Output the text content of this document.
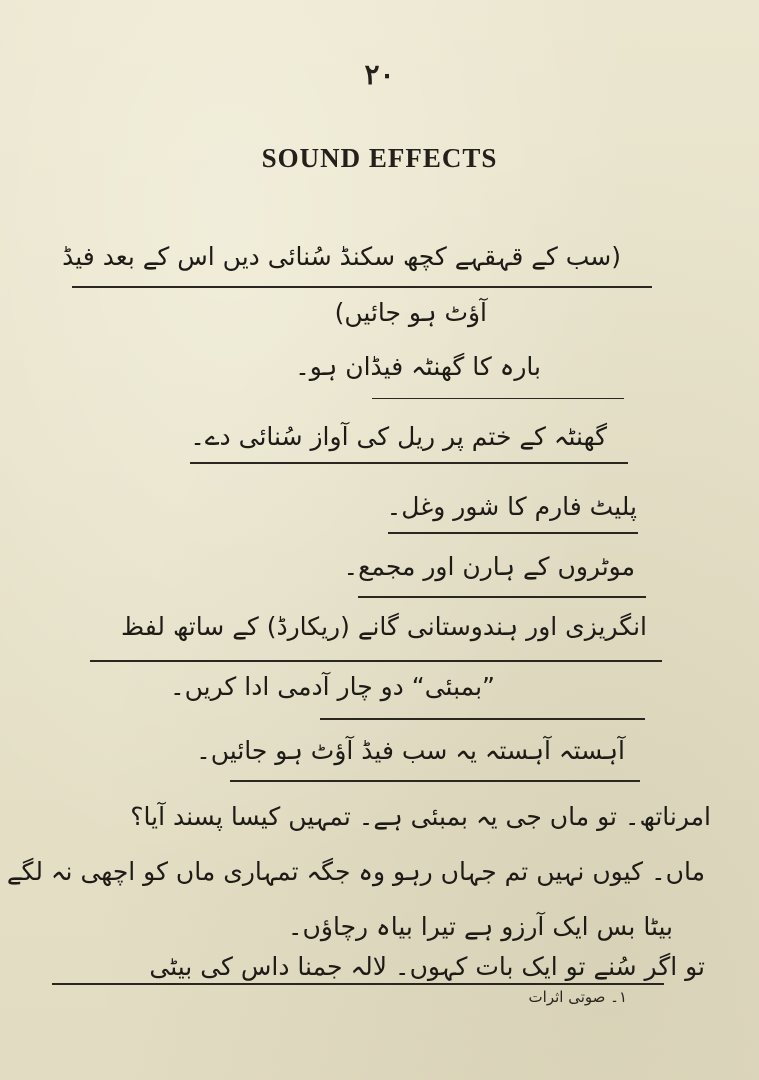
۲۰
SOUND EFFECTS
(سب کے قہقہے کچھ سکنڈ سُنائی دیں اس کے بعد فیڈ
آؤٹ ہو جائیں)
بارہ کا گھنٹہ فیڈان ہو۔
گھنٹہ کے ختم پر ریل کی آواز سُنائی دے۔
پلیٹ فارم کا شور وغل۔
موٹروں کے ہارن اور مجمع۔
انگریزی اور ہندوستانی گانے (ریکارڈ) کے ساتھ لفظ
”بمبئی“ دو چار آدمی ادا کریں۔
آہستہ آہستہ یہ سب فیڈ آؤٹ ہو جائیں۔
امرناتھ۔ تو ماں جی یہ بمبئی ہے۔ تمہیں کیسا پسند آیا؟
ماں۔ کیوں نہیں تم جہاں رہو وہ جگہ تمہاری ماں کو اچھی نہ لگے
بیٹا بس ایک آرزو ہے تیرا بیاہ رچاؤں۔
تو اگر سُنے تو ایک بات کہوں۔ لالہ جمنا داس کی بیٹی
۱۔ صوتی اثرات
